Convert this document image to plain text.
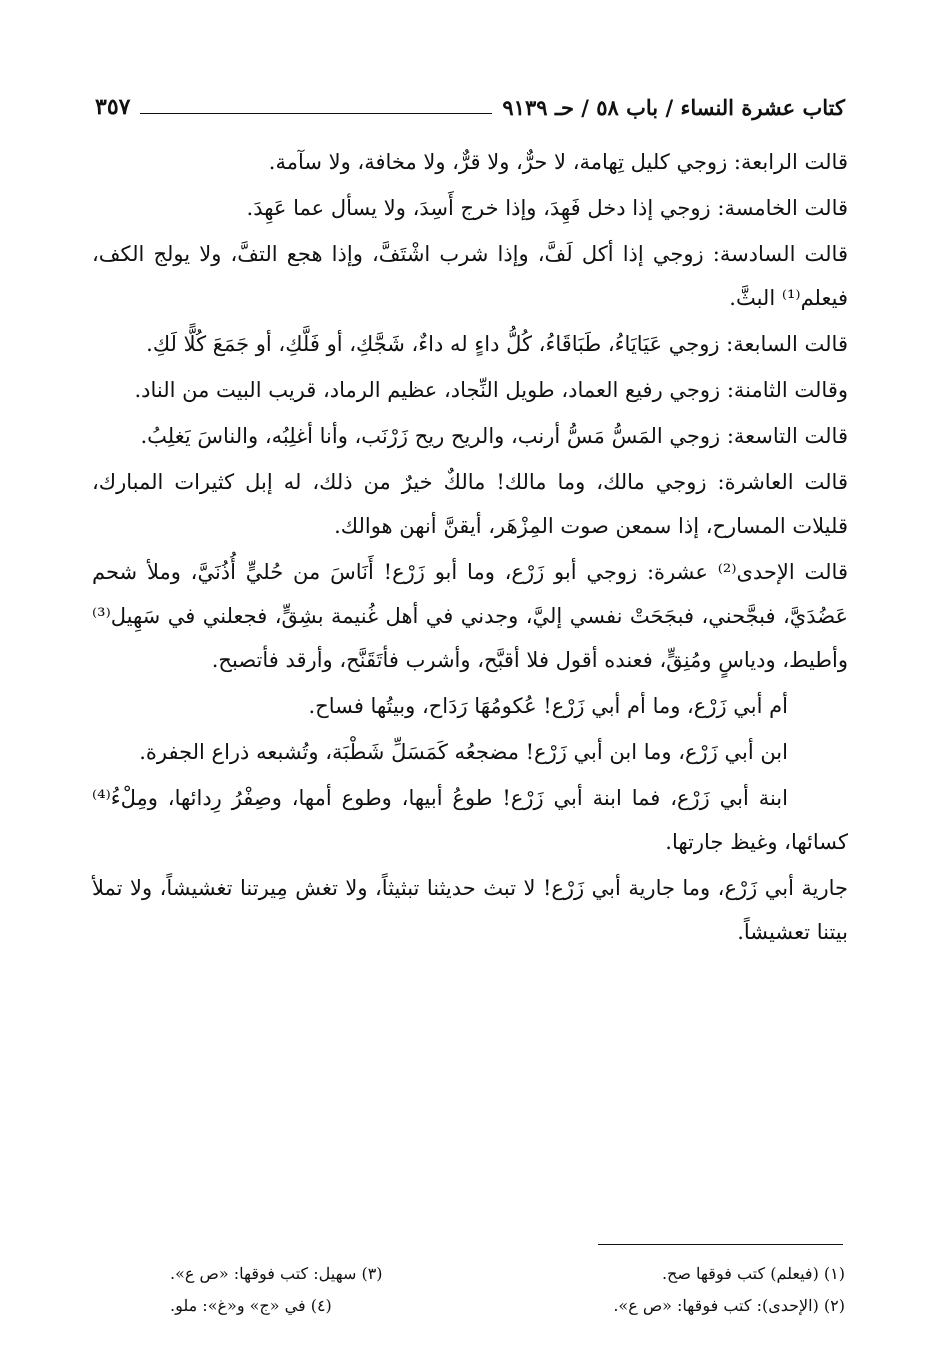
كتاب عشرة النساء / باب ٥٨ / حـ ٩١٣٩
٣٥٧

قالت الرابعة: زوجي كليل تِهامة، لا حرٌّ، ولا قرٌّ، ولا مخافة، ولا سآمة.

قالت الخامسة: زوجي إذا دخل فَهِدَ، وإذا خرج أَسِدَ، ولا يسأل عما عَهِدَ.

قالت السادسة: زوجي إذا أكل لَفَّ، وإذا شرب اشْتَفَّ، وإذا هجع التفَّ، ولا يولج الكف، فيعلم⁽¹⁾ البثَّ.

قالت السابعة: زوجي عَيَايَاءُ، طَبَاقَاءُ، كُلُّ داءٍ له داءٌ، شَجَّكِ، أو فَلَّكِ، أو جَمَعَ كُلًّا لَكِ.

وقالت الثامنة: زوجي رفيع العماد، طويل النِّجاد، عظيم الرماد، قريب البيت من الناد.

قالت التاسعة: زوجي المَسُّ مَسُّ أرنب، والريح ريح زَرْنَب، وأنا أغلِبُه، والناسَ يَغلِبُ.

قالت العاشرة: زوجي مالك، وما مالك! مالكٌ خيرٌ من ذلك، له إبل كثيرات المبارك، قليلات المسارح، إذا سمعن صوت المِزْهَر، أيقنَّ أنهن هوالك.

قالت الإحدى⁽²⁾ عشرة: زوجي أبو زَرْع، وما أبو زَرْع! أَنَاسَ من حُليٍّ أُذُنَيَّ، وملأ شحم عَضُدَيَّ، فبجَّحني، فبجَحَتْ نفسي إليَّ، وجدني في أهل غُنيمة بشِقٍّ، فجعلني في سَهِيل⁽³⁾ وأطيط، ودياسٍ ومُنِقٍّ، فعنده أقول فلا أقبَّح، وأشرب فأتَقَنَّح، وأرقد فأتصبح.

أم أبي زَرْع، وما أم أبي زَرْع! عُكومُهَا رَدَاح، وبيتُها فساح.

ابن أبي زَرْع، وما ابن أبي زَرْع! مضجعُه كَمَسَلِّ شَطْبَة، وتُشبعه ذراع الجفرة.

ابنة أبي زَرْع، فما ابنة أبي زَرْع! طوعُ أبيها، وطوع أمها، وصِفْرُ رِدائها، ومِلْءُ⁽⁴⁾ كسائها، وغيظ جارتها.

جارية أبي زَرْع، وما جارية أبي زَرْع! لا تبث حديثنا تبثيثاً، ولا تغش مِيرتنا تغشيشاً، ولا تملأ بيتنا تعشيشاً.

(١) (فيعلم) كتب فوقها صح.
(٣) سهيل: كتب فوقها: «ص ع».
(٢) (الإحدى): كتب فوقها: «ص ع».
(٤) في «ج» و«غ»: ملو.
